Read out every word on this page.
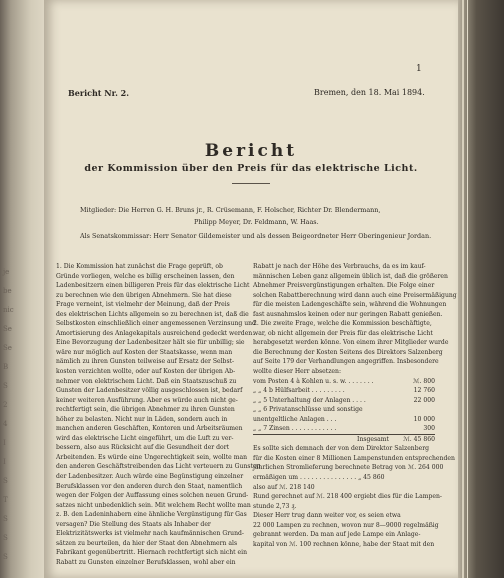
je
be
nic
Se
Se
B
S
2
4
I
I
S
T
S
S
S
1
Bericht Nr. 2.	Bremen, den 18. Mai 1894.
Bericht
der Kommission über den Preis für das elektrische Licht.
Mitglieder: Die Herren G. H. Bruns jr., R. Crüsemann, F. Holscher, Richter Dr. Blendermann,
Philipp Meyer, Dr. Feldmann, W. Haas.
Als Senatskommissar: Herr Senator Gildemeister und als dessen Beigeordneter Herr Oberingenieur Jordan.
1. Die Kommission hat zunächst die Frage geprüft, ob
Gründe vorliegen, welche es billig erscheinen lassen, den
Ladenbesitzern einen billigeren Preis für das elektrische Licht
zu berechnen wie den übrigen Abnehmern. Sie hat diese
Frage verneint, ist vielmehr der Meinung, daß der Preis
des elektrischen Lichts allgemein so zu berechnen ist, daß die
Selbstkosten einschließlich einer angemessenen Verzinsung und
Amortisierung des Anlagekapitals ausreichend gedeckt werden.
Eine Bevorzugung der Ladenbesitzer hält sie für unbillig; sie
wäre nur möglich auf Kosten der Staatskasse, wenn man
nämlich zu ihren Gunsten teilweise auf Ersatz der Selbst-
kosten verzichten wollte, oder auf Kosten der übrigen Ab-
nehmer von elektrischem Licht. Daß ein Staatszuschuß zu
Gunsten der Ladenbesitzer völlig ausgeschlossen ist, bedarf
keiner weiteren Ausführung. Aber es würde auch nicht ge-
rechtfertigt sein, die übrigen Abnehmer zu ihren Gunsten
höher zu belasten. Nicht nur in Läden, sondern auch in
manchen anderen Geschäften, Kontoren und Arbeitsräumen
wird das elektrische Licht eingeführt, um die Luft zu ver-
bessern, also aus Rücksicht auf die Gesundheit der dort
Arbeitenden. Es würde eine Ungerechtigkeit sein, wollte man
den anderen Geschäftstreibenden das Licht verteuern zu Gunsten
der Ladenbesitzer. Auch würde eine Begünstigung einzelner
Berufsklassen vor den anderen durch den Staat, namentlich
wegen der Folgen der Auffassung eines solchen neuen Grund-
satzes nicht unbedenklich sein. Mit welchem Recht wollte man
z. B. den Ladeninhabern eine ähnliche Vergünstigung für Gas
versagen? Die Stellung des Staats als Inhaber der
Elektrizitätswerks ist vielmehr nach kaufmännischen Grund-
sätzen zu beurteilen, da hier der Staat den Abnehmern als
Fabrikant gegenübertritt. Hiernach rechtfertigt sich nicht ein
Rabatt zu Gunsten einzelner Berufsklassen, wohl aber ein
Rabatt je nach der Höhe des Verbrauchs, da es im kauf-
männischen Leben ganz allgemein üblich ist, daß die größeren
Abnehmer Preisvergünstigungen erhalten. Die Folge einer
solchen Rabattberechnung wird dann auch eine Preisermäßigung
für die meisten Ladengeschäfte sein, während die Wohnungen
fast ausnahmslos keinen oder nur geringen Rabatt genießen.
2. Die zweite Frage, welche die Kommission beschäftigte,
war, ob nicht allgemein der Preis für das elektrische Licht
herabgesetzt werden könne. Von einem ihrer Mitglieder wurde
die Berechnung der Kosten Seitens des Direktors Salzenberg
auf Seite 179 der Verhandlungen angegriffen. Insbesondere
wollte dieser Herr absetzen:
vom Posten 4 à Kohlen u. s. w. . . . . . . .	ℳ. 800
„ „ 4 b Hülfsarbeit . . . . . . . . .	12 760
„ „ 5 Unterhaltung der Anlagen . . . .	22 000
„ „ 6 Privatanschlüsse und sonstige
unentgeltliche Anlagen . . .	10 000
„ „ 7 Zinsen . . . . . . . . . . . .	300
Insgesamt	ℳ. 45 860
Es sollte sich demnach der von dem Direktor Salzenberg
für die Kosten einer 8 Millionen Lampenstunden entsprechenden
jährlichen Stromlieferung berechnete Betrag von ℳ. 264 000
ermäßigen um . . . . . . . . . . . . . . . „ 45 860
also auf ℳ. 218 140
Rund gerechnet auf ℳ. 218 400 ergiebt dies für die Lampen-
stunde 2,73 ₰.
Dieser Herr trug dann weiter vor, es seien etwa
22 000 Lampen zu rechnen, wovon nur 8—9000 regelmäßig
gebrannt werden. Da man auf jede Lampe ein Anlage-
kapital von ℳ. 100 rechnen könne, habe der Staat mit den
